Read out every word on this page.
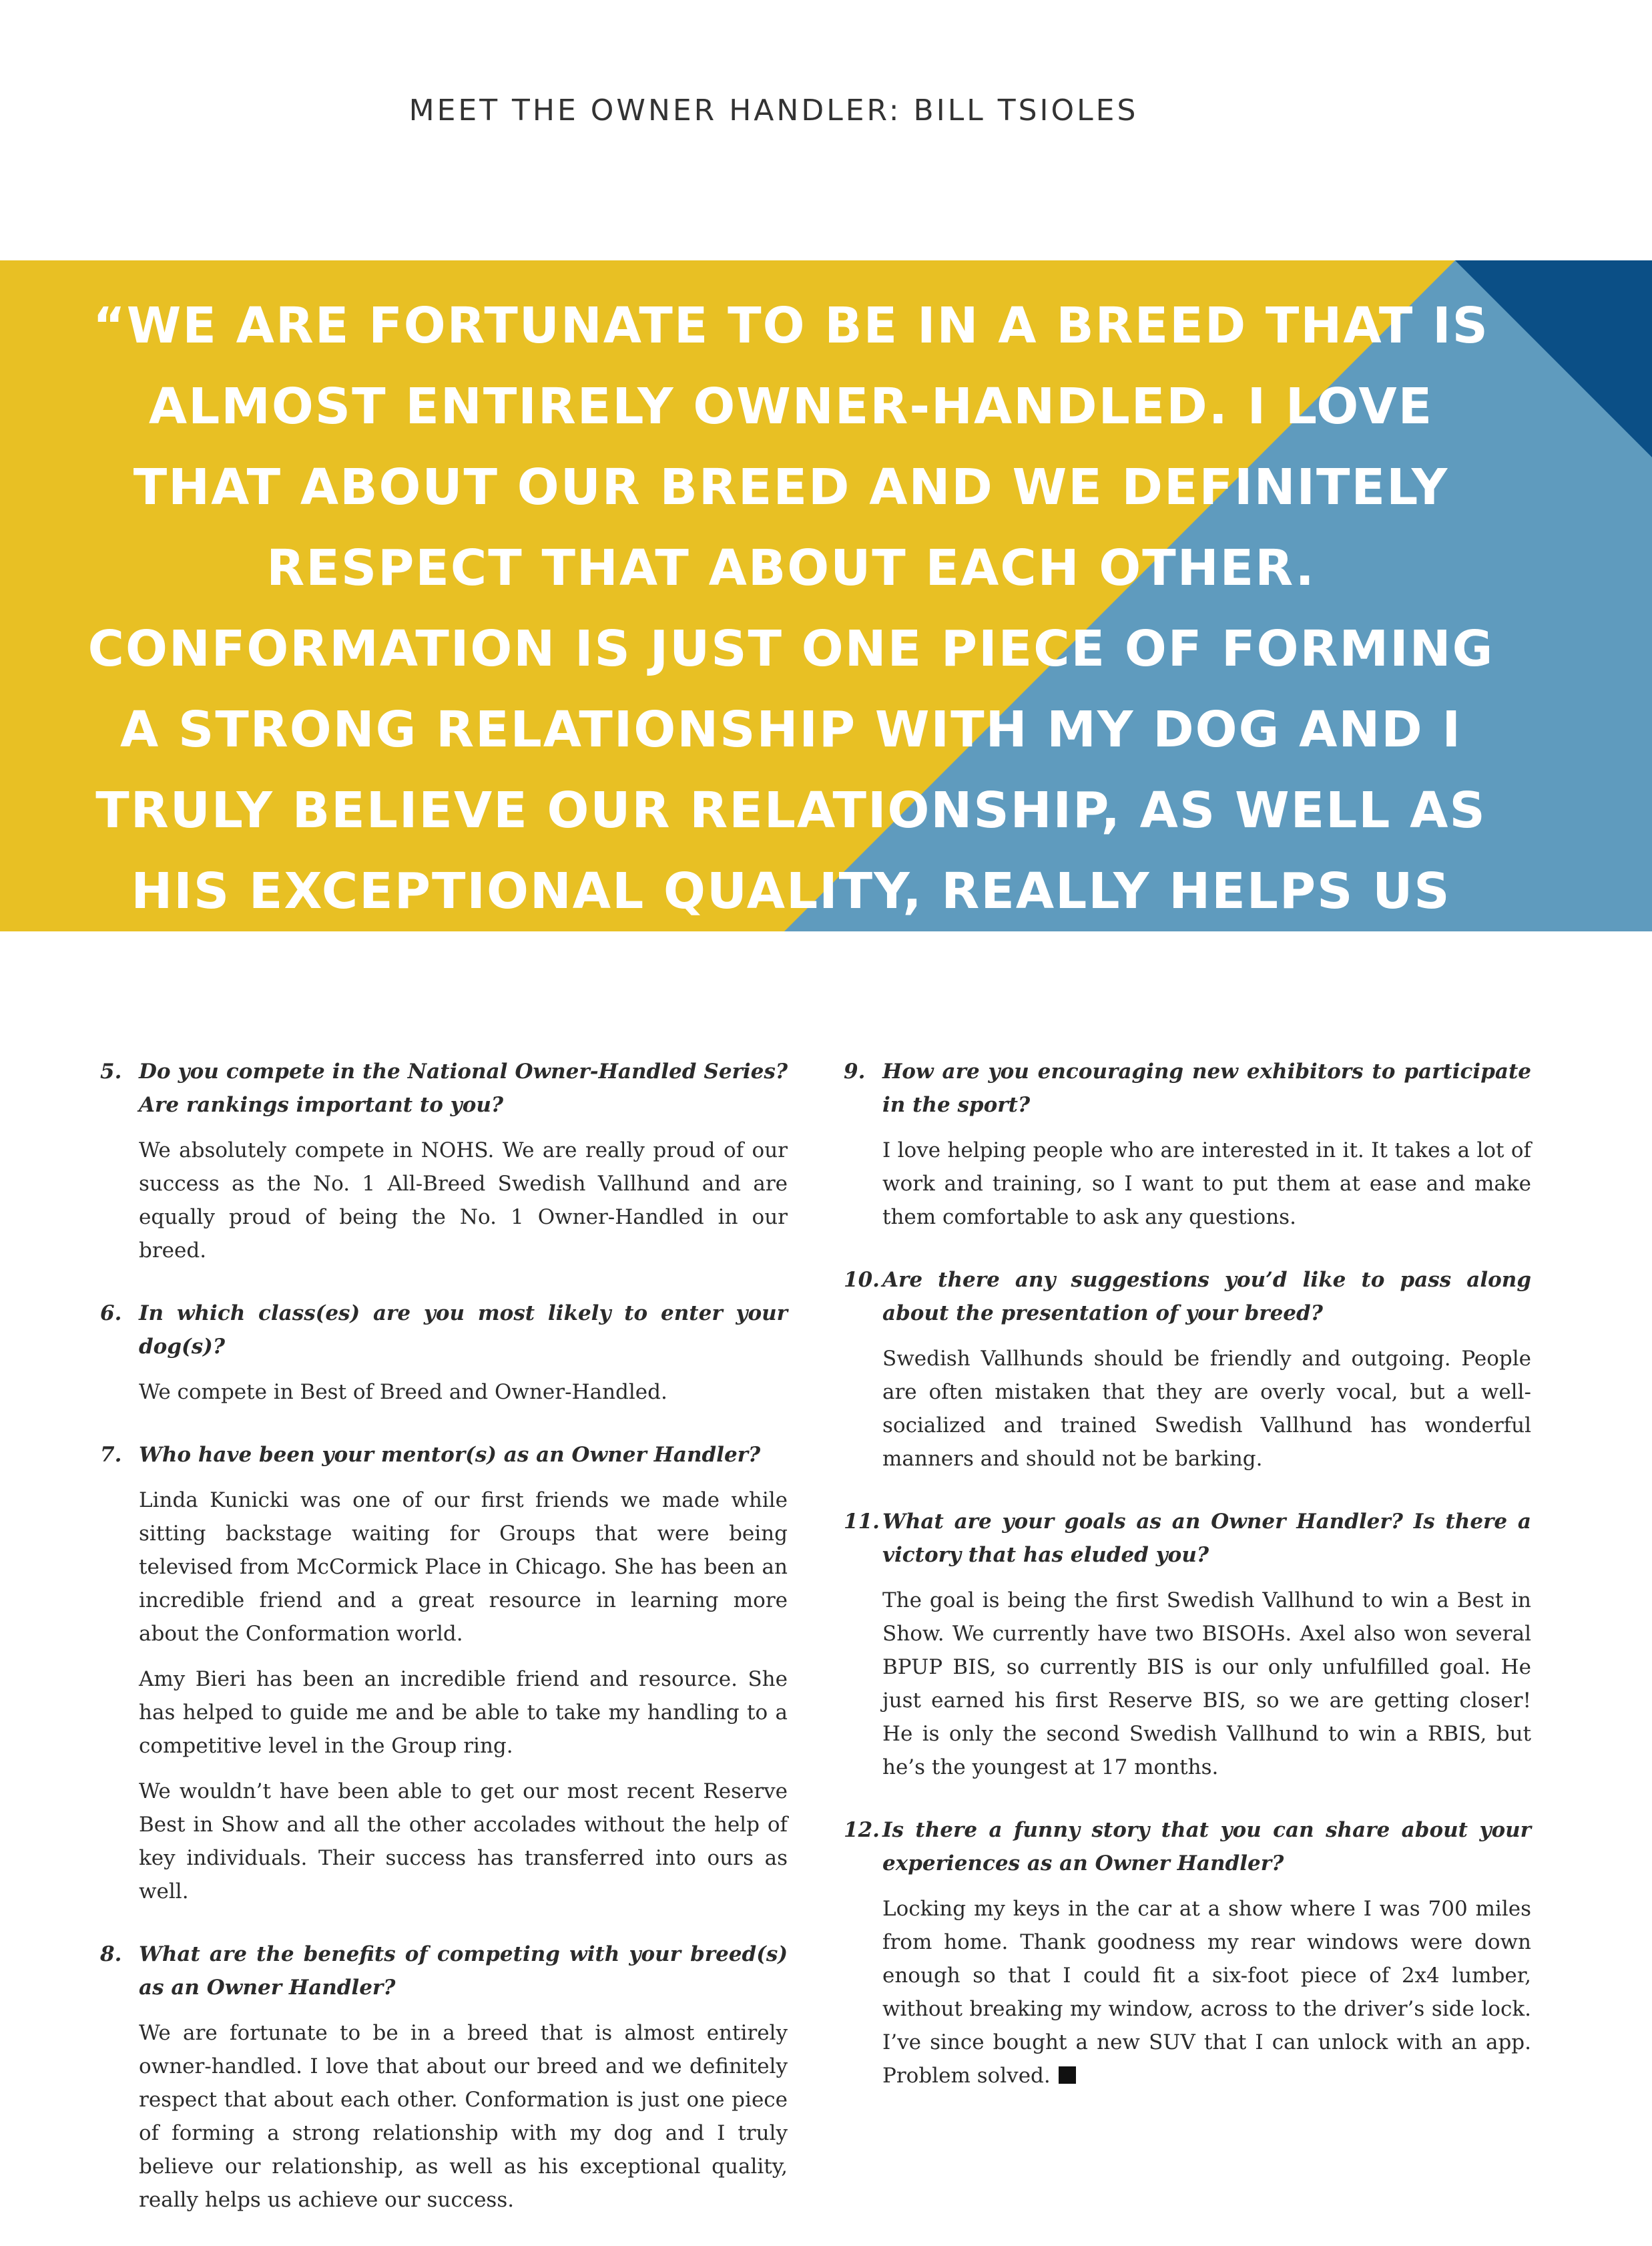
MEET THE OWNER HANDLER: BILL TSIOLES
“WE ARE FORTUNATE TO BE IN A BREED THAT IS ALMOST ENTIRELY OWNER-HANDLED. I LOVE THAT ABOUT OUR BREED AND WE DEFINITELY RESPECT THAT ABOUT EACH OTHER. CONFORMATION IS JUST ONE PIECE OF FORMING A STRONG RELATIONSHIP WITH MY DOG AND I TRULY BELIEVE OUR RELATIONSHIP, AS WELL AS HIS EXCEPTIONAL QUALITY, REALLY HELPS US ACHIEVE OUR SUCCESS.”
5. Do you compete in the National Owner-Handled Series? Are rankings important to you?

We absolutely compete in NOHS. We are really proud of our success as the No. 1 All-Breed Swedish Vallhund and are equally proud of being the No. 1 Owner-Handled in our breed.

6. In which class(es) are you most likely to enter your dog(s)?

We compete in Best of Breed and Owner-Handled.

7. Who have been your mentor(s) as an Owner Handler?

Linda Kunicki was one of our first friends we made while sitting backstage waiting for Groups that were being televised from McCormick Place in Chicago. She has been an incredible friend and a great resource in learning more about the Conformation world.

Amy Bieri has been an incredible friend and resource. She has helped to guide me and be able to take my handling to a competitive level in the Group ring.

We wouldn’t have been able to get our most recent Reserve Best in Show and all the other accolades without the help of key individuals. Their success has transferred into ours as well.

8. What are the benefits of competing with your breed(s) as an Owner Handler?

We are fortunate to be in a breed that is almost entirely owner-handled. I love that about our breed and we definitely respect that about each other. Conformation is just one piece of forming a strong relationship with my dog and I truly believe our relationship, as well as his exceptional quality, really helps us achieve our success.

9. How are you encouraging new exhibitors to participate in the sport?

I love helping people who are interested in it. It takes a lot of work and training, so I want to put them at ease and make them comfortable to ask any questions.

10. Are there any suggestions you’d like to pass along about the presentation of your breed?

Swedish Vallhunds should be friendly and outgoing. People are often mistaken that they are overly vocal, but a well-socialized and trained Swedish Vallhund has wonderful manners and should not be barking.

11. What are your goals as an Owner Handler? Is there a victory that has eluded you?

The goal is being the first Swedish Vallhund to win a Best in Show. We currently have two BISOHs. Axel also won several BPUP BIS, so currently BIS is our only unfulfilled goal. He just earned his first Reserve BIS, so we are getting closer! He is only the second Swedish Vallhund to win a RBIS, but he’s the youngest at 17 months.

12. Is there a funny story that you can share about your experiences as an Owner Handler?

Locking my keys in the car at a show where I was 700 miles from home. Thank goodness my rear windows were down enough so that I could fit a six-foot piece of 2x4 lumber, without breaking my window, across to the driver’s side lock. I’ve since bought a new SUV that I can unlock with an app. Problem solved.
